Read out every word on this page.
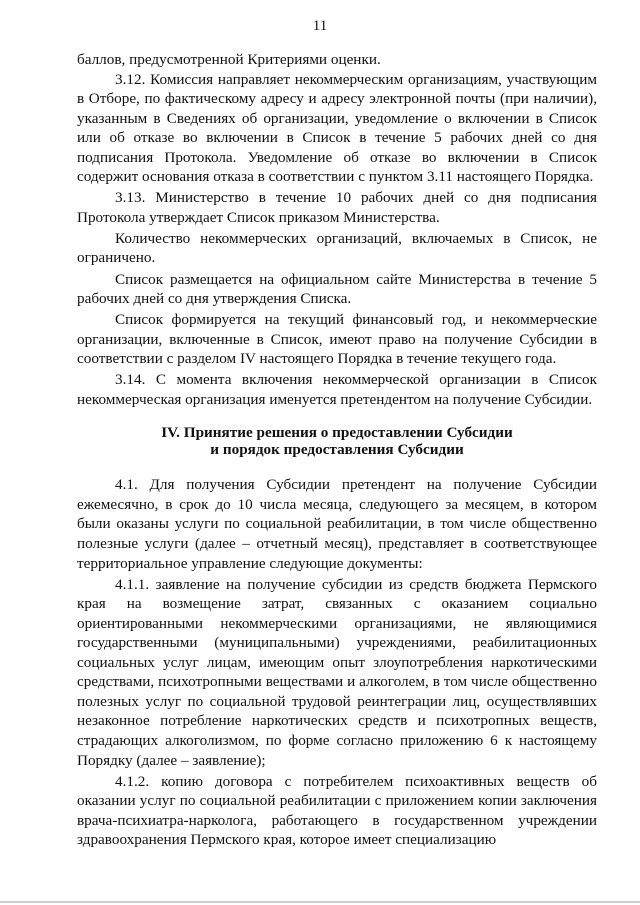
11

баллов, предусмотренной Критериями оценки.

3.12. Комиссия направляет некоммерческим организациям, участвующим в Отборе, по фактическому адресу и адресу электронной почты (при наличии), указанным в Сведениях об организации, уведомление о включении в Список или об отказе во включении в Список в течение 5 рабочих дней со дня подписания Протокола. Уведомление об отказе во включении в Список содержит основания отказа в соответствии с пунктом 3.11 настоящего Порядка.

3.13. Министерство в течение 10 рабочих дней со дня подписания Протокола утверждает Список приказом Министерства.

Количество некоммерческих организаций, включаемых в Список, не ограничено.

Список размещается на официальном сайте Министерства в течение 5 рабочих дней со дня утверждения Списка.

Список формируется на текущий финансовый год, и некоммерческие организации, включенные в Список, имеют право на получение Субсидии в соответствии с разделом IV настоящего Порядка в течение текущего года.

3.14. С момента включения некоммерческой организации в Список некоммерческая организация именуется претендентом на получение Субсидии.

IV. Принятие решения о предоставлении Субсидии
и порядок предоставления Субсидии

4.1. Для получения Субсидии претендент на получение Субсидии ежемесячно, в срок до 10 числа месяца, следующего за месяцем, в котором были оказаны услуги по социальной реабилитации, в том числе общественно полезные услуги (далее – отчетный месяц), представляет в соответствующее территориальное управление следующие документы:

4.1.1. заявление на получение субсидии из средств бюджета Пермского края на возмещение затрат, связанных с оказанием социально ориентированными некоммерческими организациями, не являющимися государственными (муниципальными) учреждениями, реабилитационных социальных услуг лицам, имеющим опыт злоупотребления наркотическими средствами, психотропными веществами и алкоголем, в том числе общественно полезных услуг по социальной трудовой реинтеграции лиц, осуществлявших незаконное потребление наркотических средств и психотропных веществ, страдающих алкоголизмом, по форме согласно приложению 6 к настоящему Порядку (далее – заявление);

4.1.2. копию договора с потребителем психоактивных веществ об оказании услуг по социальной реабилитации с приложением копии заключения врача-психиатра-нарколога, работающего в государственном учреждении здравоохранения Пермского края, которое имеет специализацию
